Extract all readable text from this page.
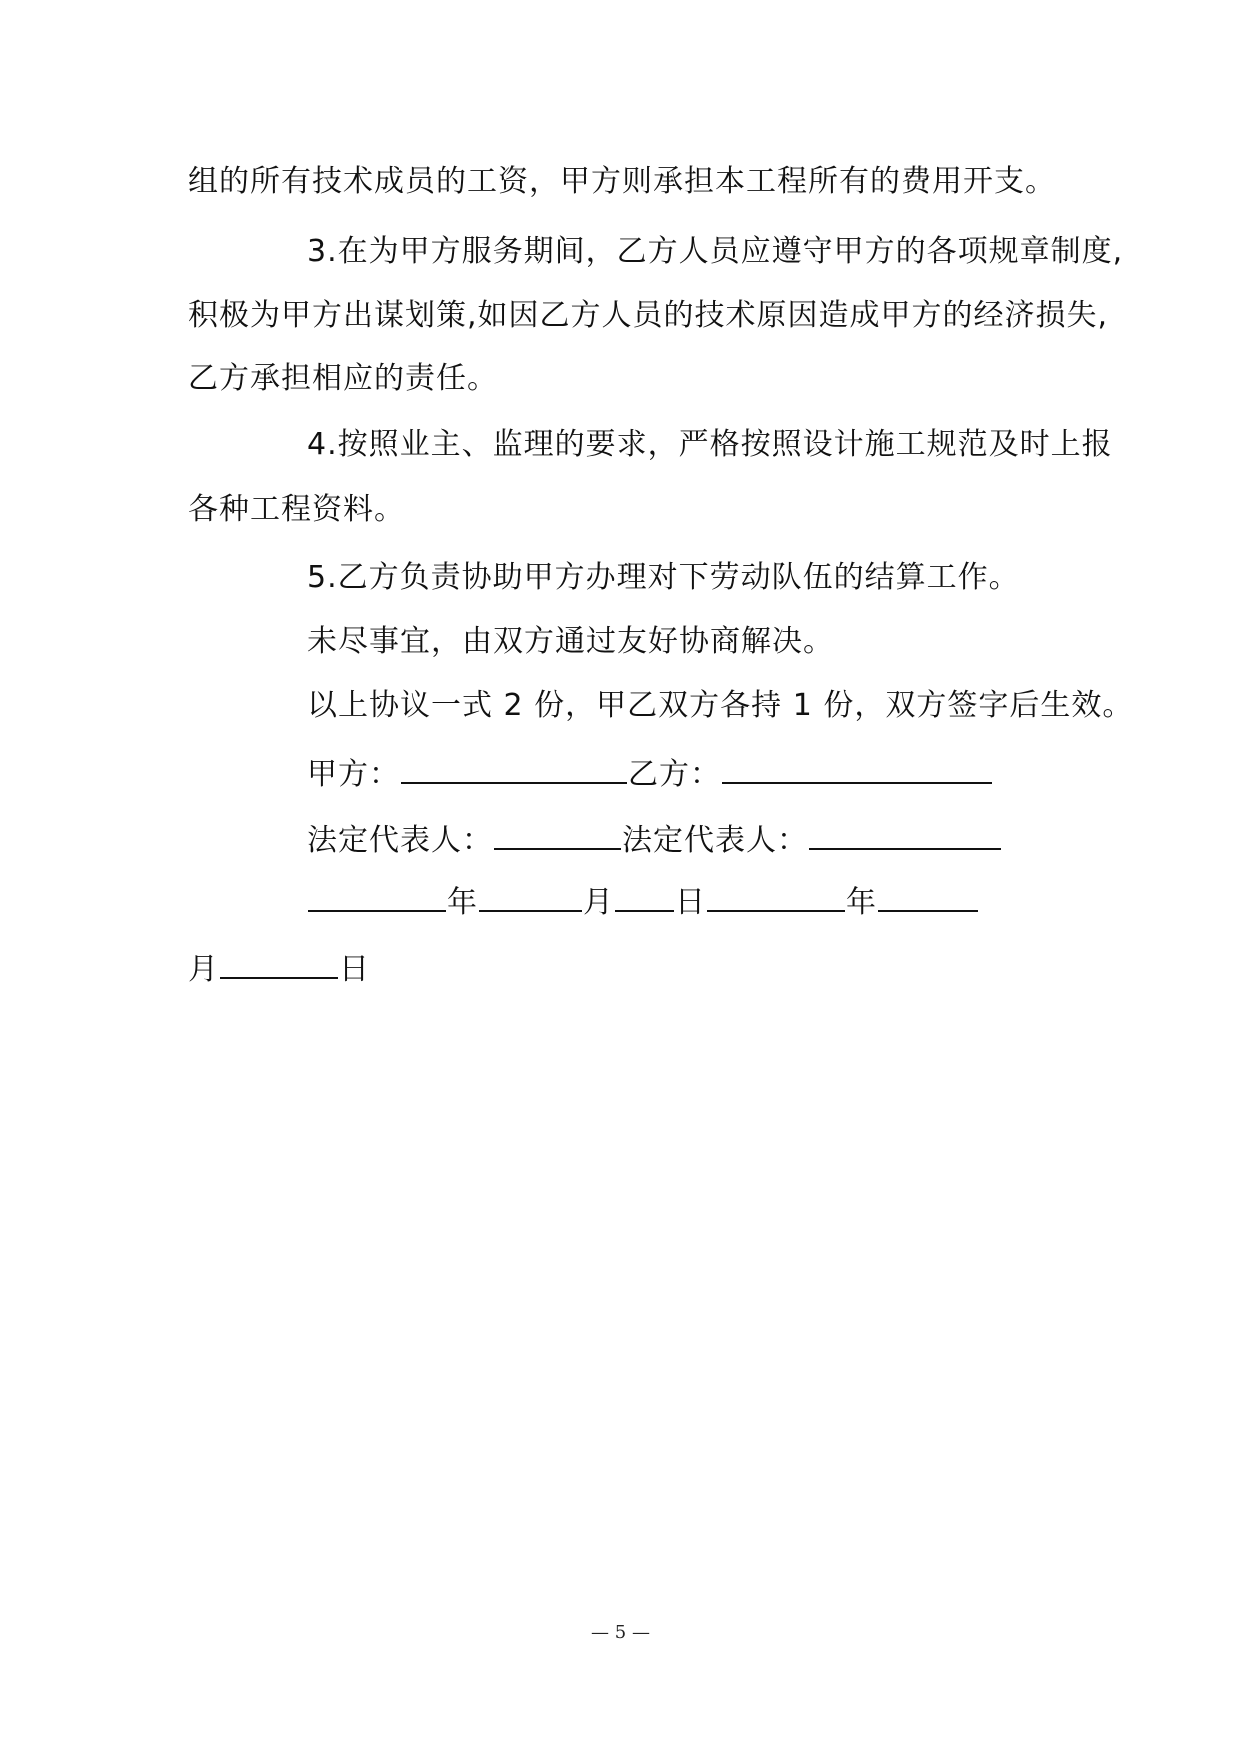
组的所有技术成员的工资，甲方则承担本工程所有的费用开支。
3.在为甲方服务期间，乙方人员应遵守甲方的各项规章制度,
积极为甲方出谋划策,如因乙方人员的技术原因造成甲方的经济损失,
乙方承担相应的责任。
4.按照业主、监理的要求，严格按照设计施工规范及时上报
各种工程资料。
5.乙方负责协助甲方办理对下劳动队伍的结算工作。
未尽事宜，由双方通过友好协商解决。
以上协议一式 2 份，甲乙双方各持 1 份，双方签字后生效。
甲方：	乙方：
法定代表人：	法定代表人：
年	月 日	年
月	日
— 5 —
